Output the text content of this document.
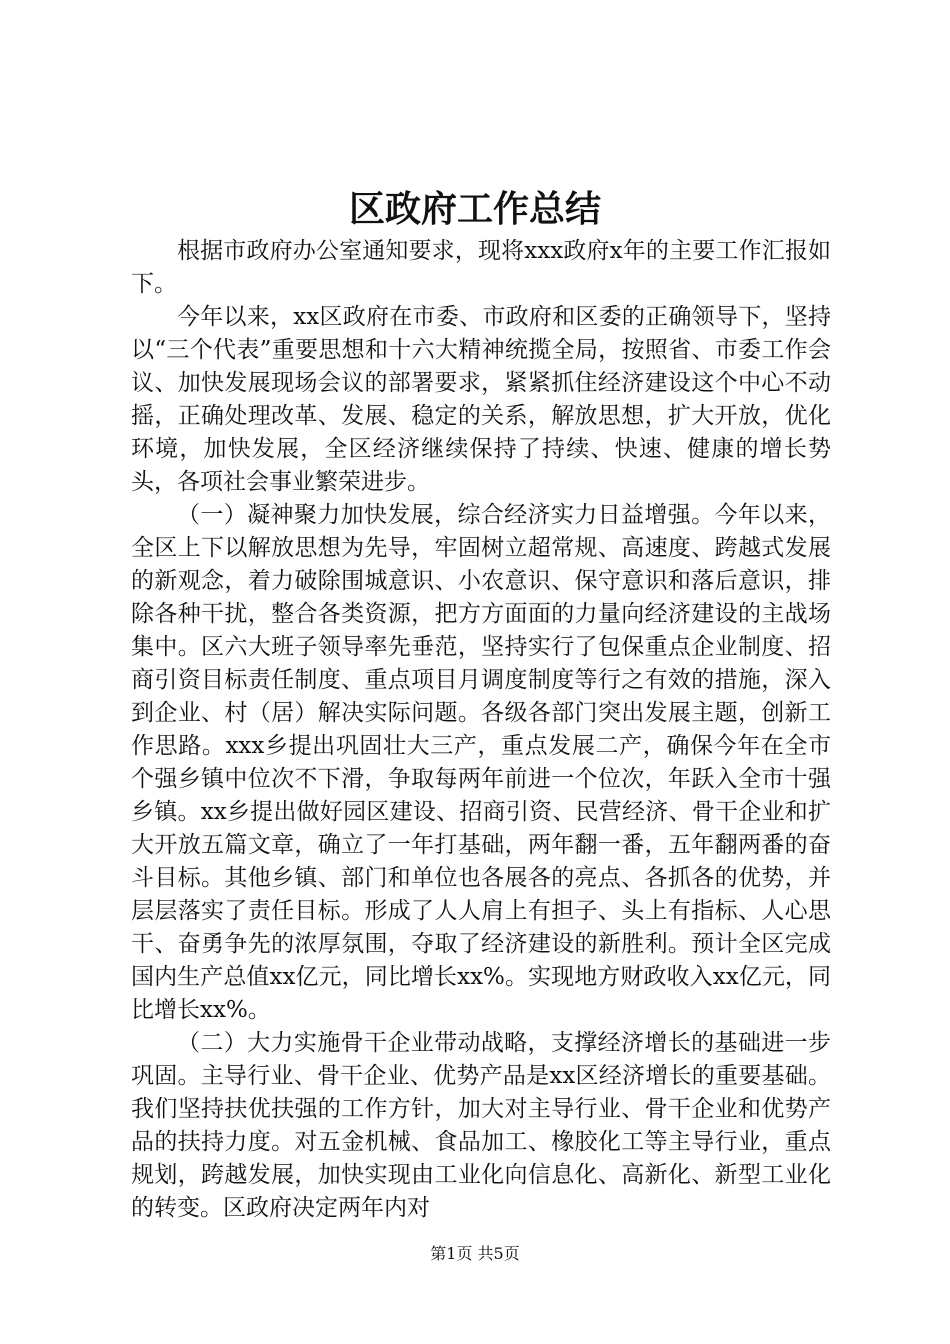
区政府工作总结

根据市政府办公室通知要求，现将xxx政府x年的主要工作汇报如下。

今年以来，xx区政府在市委、市政府和区委的正确领导下，坚持以“三个代表”重要思想和十六大精神统揽全局，按照省、市委工作会议、加快发展现场会议的部署要求，紧紧抓住经济建设这个中心不动摇，正确处理改革、发展、稳定的关系，解放思想，扩大开放，优化环境，加快发展，全区经济继续保持了持续、快速、健康的增长势头，各项社会事业繁荣进步。

（一）凝神聚力加快发展，综合经济实力日益增强。今年以来，全区上下以解放思想为先导，牢固树立超常规、高速度、跨越式发展的新观念，着力破除围城意识、小农意识、保守意识和落后意识，排除各种干扰，整合各类资源，把方方面面的力量向经济建设的主战场集中。区六大班子领导率先垂范，坚持实行了包保重点企业制度、招商引资目标责任制度、重点项目月调度制度等行之有效的措施，深入到企业、村（居）解决实际问题。各级各部门突出发展主题，创新工作思路。xxx乡提出巩固壮大三产，重点发展二产，确保今年在全市个强乡镇中位次不下滑，争取每两年前进一个位次，年跃入全市十强乡镇。xx乡提出做好园区建设、招商引资、民营经济、骨干企业和扩大开放五篇文章，确立了一年打基础，两年翻一番，五年翻两番的奋斗目标。其他乡镇、部门和单位也各展各的亮点、各抓各的优势，并层层落实了责任目标。形成了人人肩上有担子、头上有指标、人心思干、奋勇争先的浓厚氛围，夺取了经济建设的新胜利。预计全区完成国内生产总值xx亿元，同比增长xx%。实现地方财政收入xx亿元，同比增长xx%。

（二）大力实施骨干企业带动战略，支撑经济增长的基础进一步巩固。主导行业、骨干企业、优势产品是xx区经济增长的重要基础。我们坚持扶优扶强的工作方针，加大对主导行业、骨干企业和优势产品的扶持力度。对五金机械、食品加工、橡胶化工等主导行业，重点规划，跨越发展，加快实现由工业化向信息化、高新化、新型工业化的转变。区政府决定两年内对

第1页 共5页
